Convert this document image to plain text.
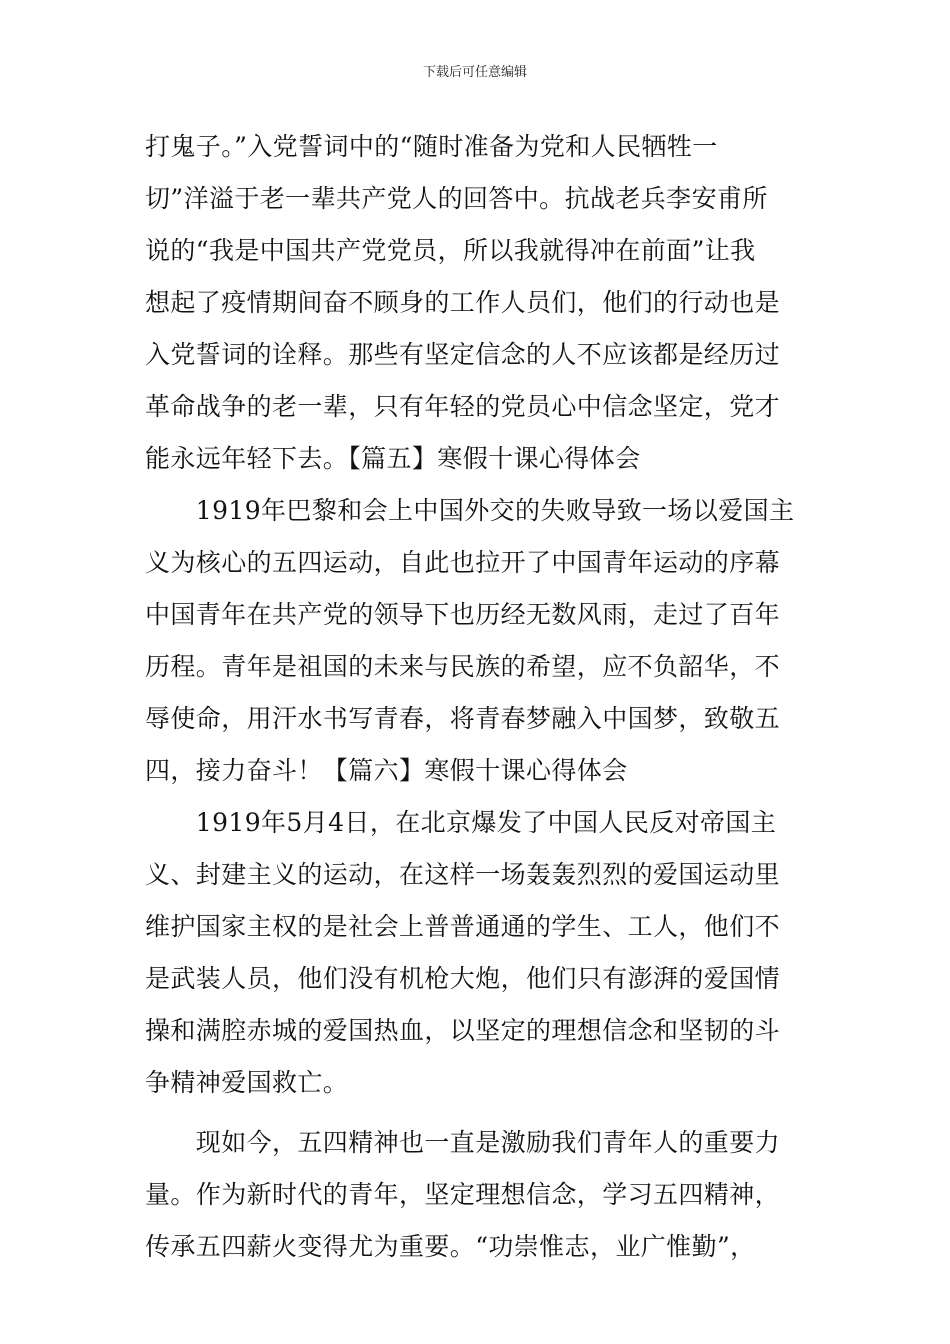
下载后可任意编辑
打鬼子。”入党誓词中的“随时准备为党和人民牺牲一
切”洋溢于老一辈共产党人的回答中。抗战老兵李安甫所
说的“我是中国共产党党员，所以我就得冲在前面”让我
想起了疫情期间奋不顾身的工作人员们，他们的行动也是
入党誓词的诠释。那些有坚定信念的人不应该都是经历过
革命战争的老一辈，只有年轻的党员心中信念坚定，党才
能永远年轻下去。【篇五】寒假十课心得体会
　　1919年巴黎和会上中国外交的失败导致一场以爱国主
义为核心的五四运动，自此也拉开了中国青年运动的序幕
中国青年在共产党的领导下也历经无数风雨，走过了百年
历程。青年是祖国的未来与民族的希望，应不负韶华，不
辱使命，用汗水书写青春，将青春梦融入中国梦，致敬五
四，接力奋斗！【篇六】寒假十课心得体会
　　1919年5月4日，在北京爆发了中国人民反对帝国主
义、封建主义的运动，在这样一场轰轰烈烈的爱国运动里
维护国家主权的是社会上普普通通的学生、工人，他们不
是武装人员，他们没有机枪大炮，他们只有澎湃的爱国情
操和满腔赤城的爱国热血，以坚定的理想信念和坚韧的斗
争精神爱国救亡。
　　现如今，五四精神也一直是激励我们青年人的重要力
量。作为新时代的青年，坚定理想信念，学习五四精神，
传承五四薪火变得尤为重要。“功崇惟志，业广惟勤”，
